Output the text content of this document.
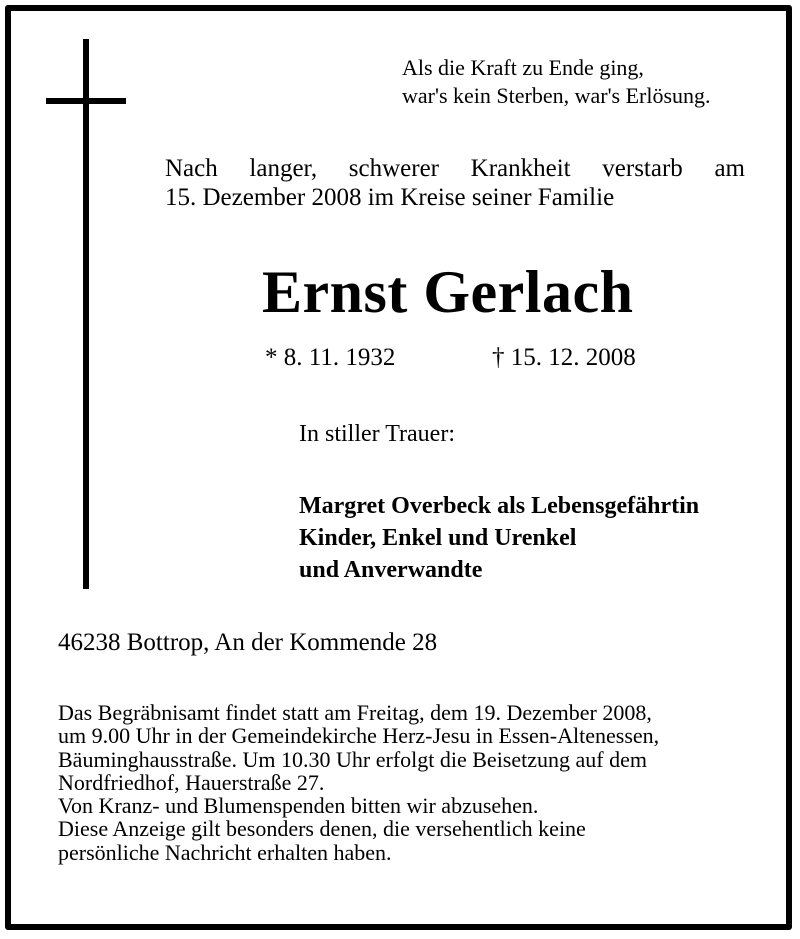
Als die Kraft zu Ende ging,
war's kein Sterben, war's Erlösung.
Nach langer, schwerer Krankheit verstarb am
15. Dezember 2008 im Kreise seiner Familie
Ernst Gerlach
* 8. 11. 1932	† 15. 12. 2008
In stiller Trauer:
Margret Overbeck als Lebensgefährtin
Kinder, Enkel und Urenkel
und Anverwandte
46238 Bottrop, An der Kommende 28
Das Begräbnisamt findet statt am Freitag, dem 19. Dezember 2008,
um 9.00 Uhr in der Gemeindekirche Herz-Jesu in Essen-Altenessen,
Bäuminghausstraße. Um 10.30 Uhr erfolgt die Beisetzung auf dem
Nordfriedhof, Hauerstraße 27.
Von Kranz- und Blumenspenden bitten wir abzusehen.
Diese Anzeige gilt besonders denen, die versehentlich keine
persönliche Nachricht erhalten haben.
